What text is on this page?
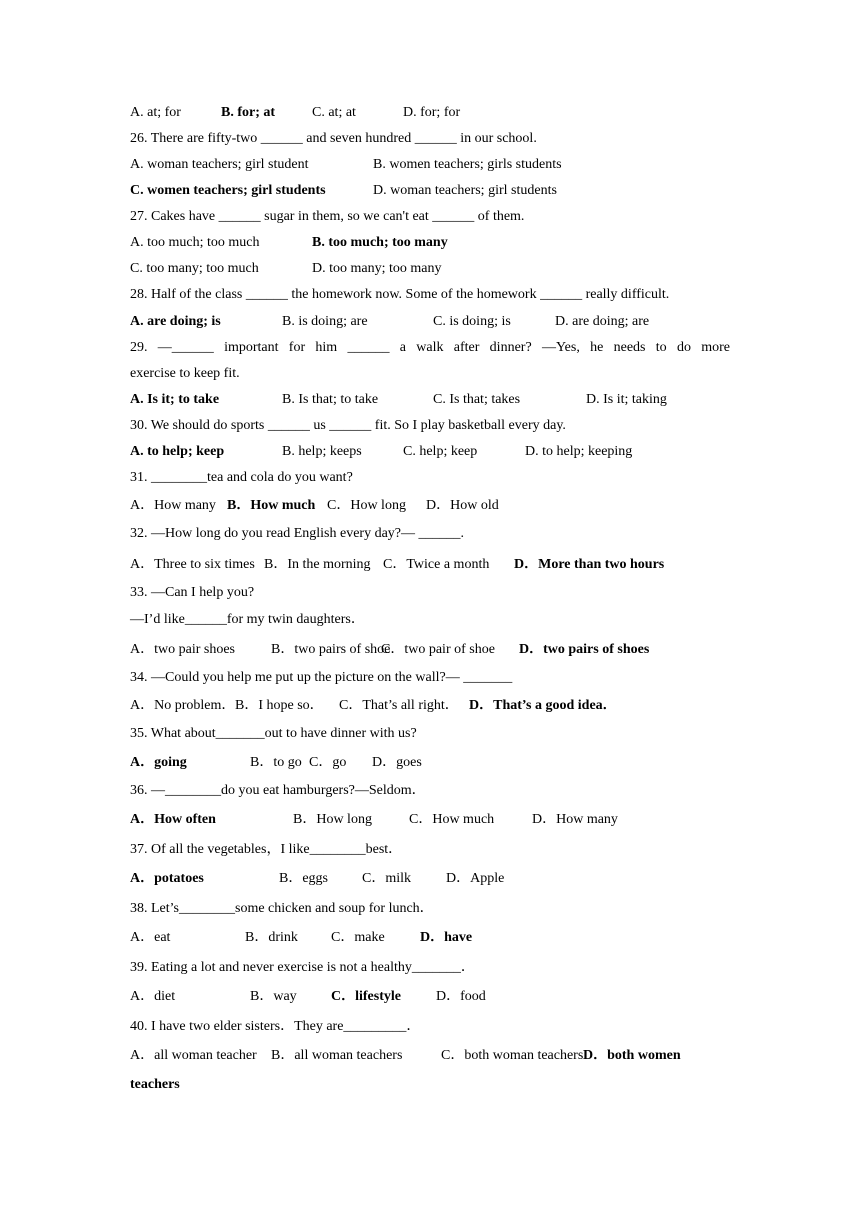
A. at; for	B. for; at	C. at; at	D. for; for
26. There are fifty-two ______ and seven hundred ______ in our school.
A. woman teachers; girl student	B. women teachers; girls students
C. women teachers; girl students	D. woman teachers; girl students
27. Cakes have ______ sugar in them, so we can't eat ______ of them.
A. too much; too much	B. too much; too many
C. too many; too much	D. too many; too many
28. Half of the class ______ the homework now. Some of the homework ______ really difficult.
A. are doing; is	B. is doing; are	C. is doing; is	D. are doing; are
29. —______ important for him ______ a walk after dinner? —Yes, he needs to do more
exercise to keep fit.
A. Is it; to take	B. Is that; to take	C. Is that; takes	D. Is it; taking
30. We should do sports ______ us ______ fit. So I play basketball every day.
A. to help; keep	B. help; keeps	C. help; keep	D. to help; keeping
31. ________tea and cola do you want?
A．How many B．How much C．How long D．How old
32. —How long do you read English every day?— ______.
A．Three to six times B．In the morning C．Twice a month D．More than two hours
33. —Can I help you?
—I’d like______for my twin daughters．
A．two pair shoes	B．two pairs of shoe
C．two pair of shoe D．two pairs of shoes
34. —Could you help me put up the picture on the wall?— _______
A．No problem． B．I hope so． C．That’s all right． D．That’s a good idea．
35. What about_______out to have dinner with us?
A．going	B．to go C．go D．goes
36. —________do you eat hamburgers?—Seldom．
A．How often	B．How long	C．How much	D．How many
37. Of all the vegetables，I like________best．
A．potatoes	B．eggs C．milk D．Apple
38. Let’s________some chicken and soup for lunch．
A．eat	B．drink C．make	D．have
39. Eating a lot and never exercise is not a healthy_______．
A．diet	B．way C．lifestyle	D．food
40. I have two elder sisters．They are_________．
A．all woman teacher B．all woman teachers	C．both woman teachers D．both women
teachers
